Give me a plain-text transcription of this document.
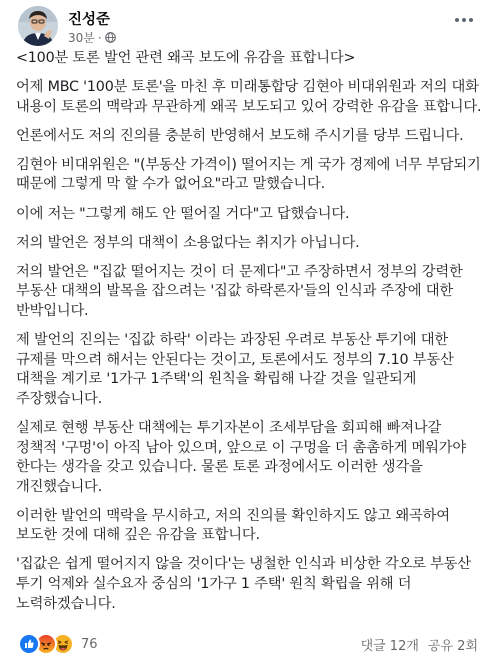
진성준
30분 ·

<100분 토론 발언 관련 왜곡 보도에 유감을 표합니다>

어제 MBC '100분 토론'을 마친 후 미래통합당 김현아 비대위원과 저의 대화 내용이 토론의 맥락과 무관하게 왜곡 보도되고 있어 강력한 유감을 표합니다.

언론에서도 저의 진의를 충분히 반영해서 보도해 주시기를 당부 드립니다.

김현아 비대위원은 "(부동산 가격이) 떨어지는 게 국가 경제에 너무 부담되기 때문에 그렇게 막 할 수가 없어요"라고 말했습니다.

이에 저는 "그렇게 해도 안 떨어질 거다"고 답했습니다.

저의 발언은 정부의 대책이 소용없다는 취지가 아닙니다.

저의 발언은 "집값 떨어지는 것이 더 문제다"고 주장하면서 정부의 강력한 부동산 대책의 발목을 잡으려는 '집값 하락론자'들의 인식과 주장에 대한 반박입니다.

제 발언의 진의는 '집값 하락' 이라는 과장된 우려로 부동산 투기에 대한 규제를 막으려 해서는 안된다는 것이고, 토론에서도 정부의 7.10 부동산 대책을 계기로 '1가구 1주택'의 원칙을 확립해 나갈 것을 일관되게 주장했습니다.

실제로 현행 부동산 대책에는 투기자본이 조세부담을 회피해 빠져나갈 정책적 '구멍'이 아직 남아 있으며, 앞으로 이 구멍을 더 촘촘하게 메워가야 한다는 생각을 갖고 있습니다. 물론 토론 과정에서도 이러한 생각을 개진했습니다.

이러한 발언의 맥락을 무시하고, 저의 진의를 확인하지도 않고 왜곡하여 보도한 것에 대해 깊은 유감을 표합니다.

'집값은 쉽게 떨어지지 않을 것이다'는 냉철한 인식과 비상한 각오로 부동산 투기 억제와 실수요자 중심의 '1가구 1 주택' 원칙 확립을 위해 더 노력하겠습니다.

76	댓글 12개 공유 2회
